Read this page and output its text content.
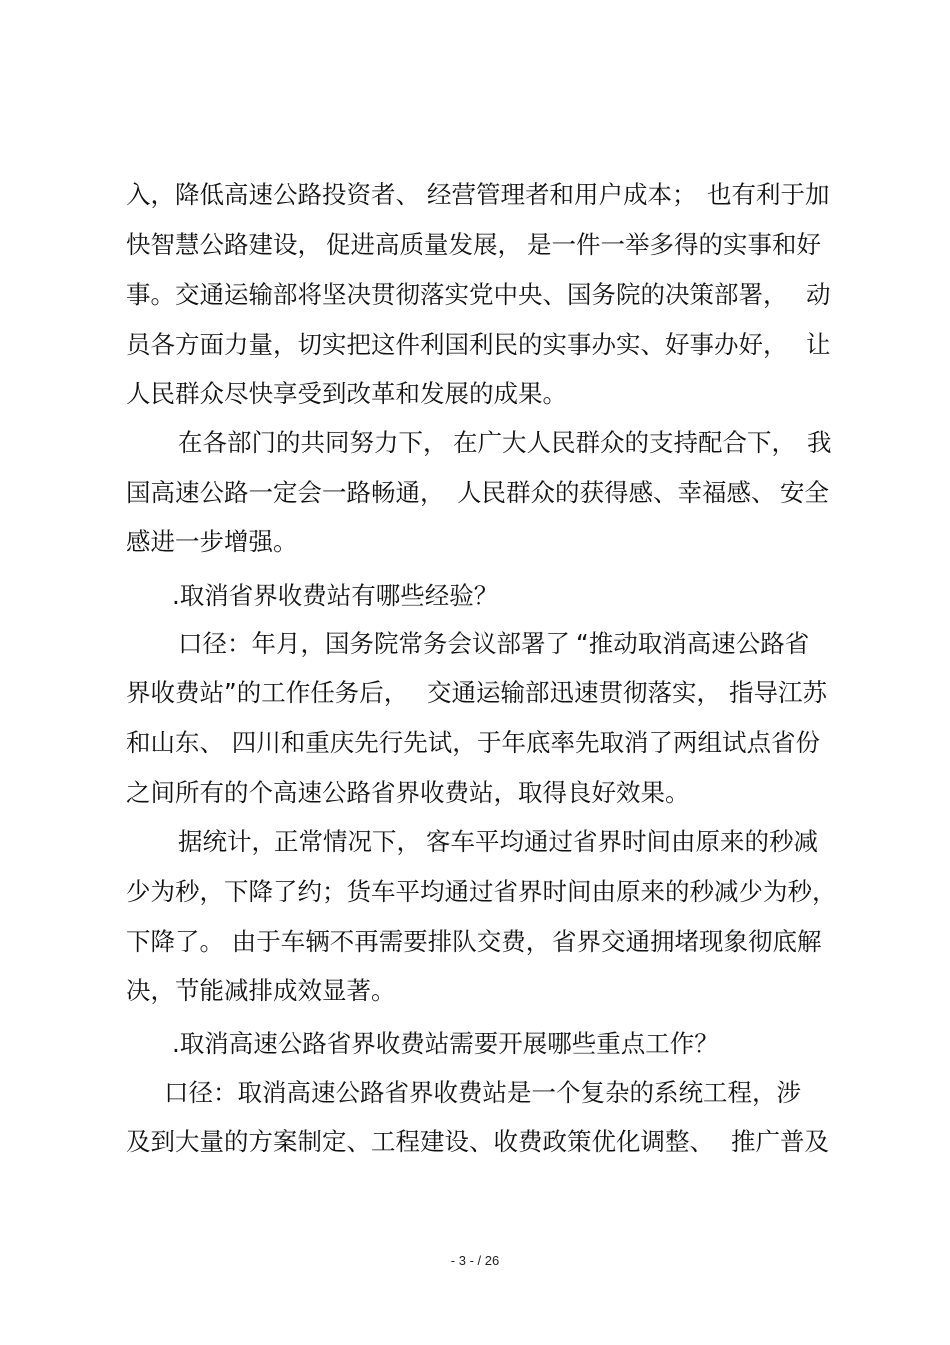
入，降低高速公路投资者、

经营管理者和用户成本；

也有利于加

快智慧公路建设，

促进高质量发展，

是一件一举多得的实事和好

事。交通运输部将坚决贯彻落实党中央、国务院的决策部署，

动

员各方面力量，切实把这件利国利民的实事办实、好事办好，

让

人民群众尽快享受到改革和发展的成果。

在各部门的共同努力下，

在广大人民群众的支持配合下，

我

国高速公路一定会一路畅通，

人民群众的获得感、幸福感、

安全

感进一步增强。

.取消省界收费站有哪些经验？

口径：年月，国务院常务会议部署了

“推动取消高速公路省

界收费站”的工作任务后，

交通运输部迅速贯彻落实，

指导江苏

和山东、 四川和重庆先行先试，

于年底率先取消了两组试点省份

之间所有的个高速公路省界收费站，取得良好效果。

据统计，

正常情况下，

客车平均通过省界时间由原来的秒减

少为秒，下降了约；货车平均通过省界时间由原来的秒减少为秒，

下降了。 由于车辆不再需要排队交费，

省界交通拥堵现象彻底解

决，节能减排成效显著。

.取消高速公路省界收费站需要开展哪些重点工作？

口径：取消高速公路省界收费站是一个复杂的系统工程，涉

及到大量的方案制定、工程建设、收费政策优化调整、

推广普及

- 3 - / 26
